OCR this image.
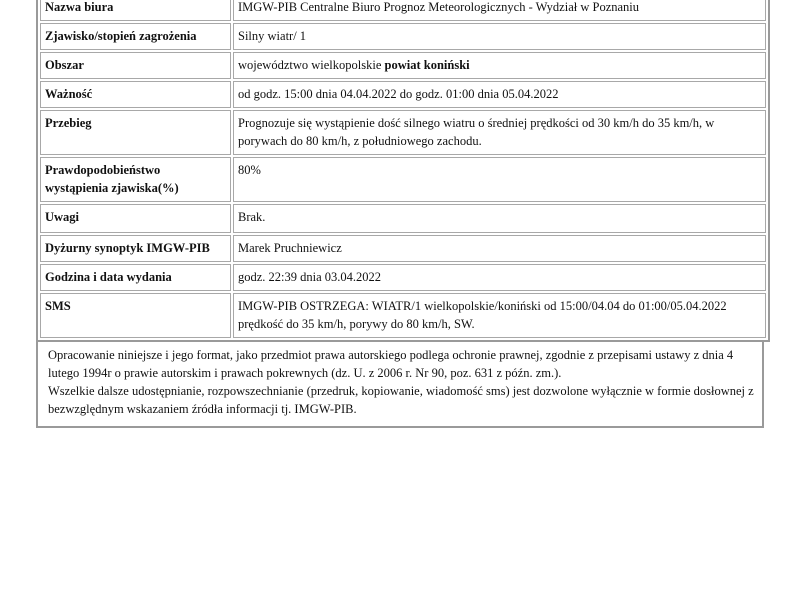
Nazwa biura	IMGW-PIB Centralne Biuro Prognoz Meteorologicznych - Wydział w Poznaniu
Zjawisko/stopień zagrożenia	Silny wiatr/ 1
Obszar	województwo wielkopolskie powiat koniński
Ważność	od godz. 15:00 dnia 04.04.2022 do godz. 01:00 dnia 05.04.2022
Przebieg	Prognozuje się wystąpienie dość silnego wiatru o średniej prędkości od 30 km/h do 35 km/h, w porywach do 80 km/h, z południowego zachodu.
Prawdopodobieństwo wystąpienia zjawiska(%)	80%
Uwagi	Brak.
Dyżurny synoptyk IMGW-PIB	Marek Pruchniewicz
Godzina i data wydania	godz. 22:39 dnia 03.04.2022
SMS	IMGW-PIB OSTRZEGA: WIATR/1 wielkopolskie/koniński od 15:00/04.04 do 01:00/05.04.2022 prędkość do 35 km/h, porywy do 80 km/h, SW.

Opracowanie niniejsze i jego format, jako przedmiot prawa autorskiego podlega ochronie prawnej, zgodnie z przepisami ustawy z dnia 4 lutego 1994r o prawie autorskim i prawach pokrewnych (dz. U. z 2006 r. Nr 90, poz. 631 z późn. zm.).

Wszelkie dalsze udostępnianie, rozpowszechnianie (przedruk, kopiowanie, wiadomość sms) jest dozwolone wyłącznie w formie dosłownej z bezwzględnym wskazaniem źródła informacji tj. IMGW-PIB.
